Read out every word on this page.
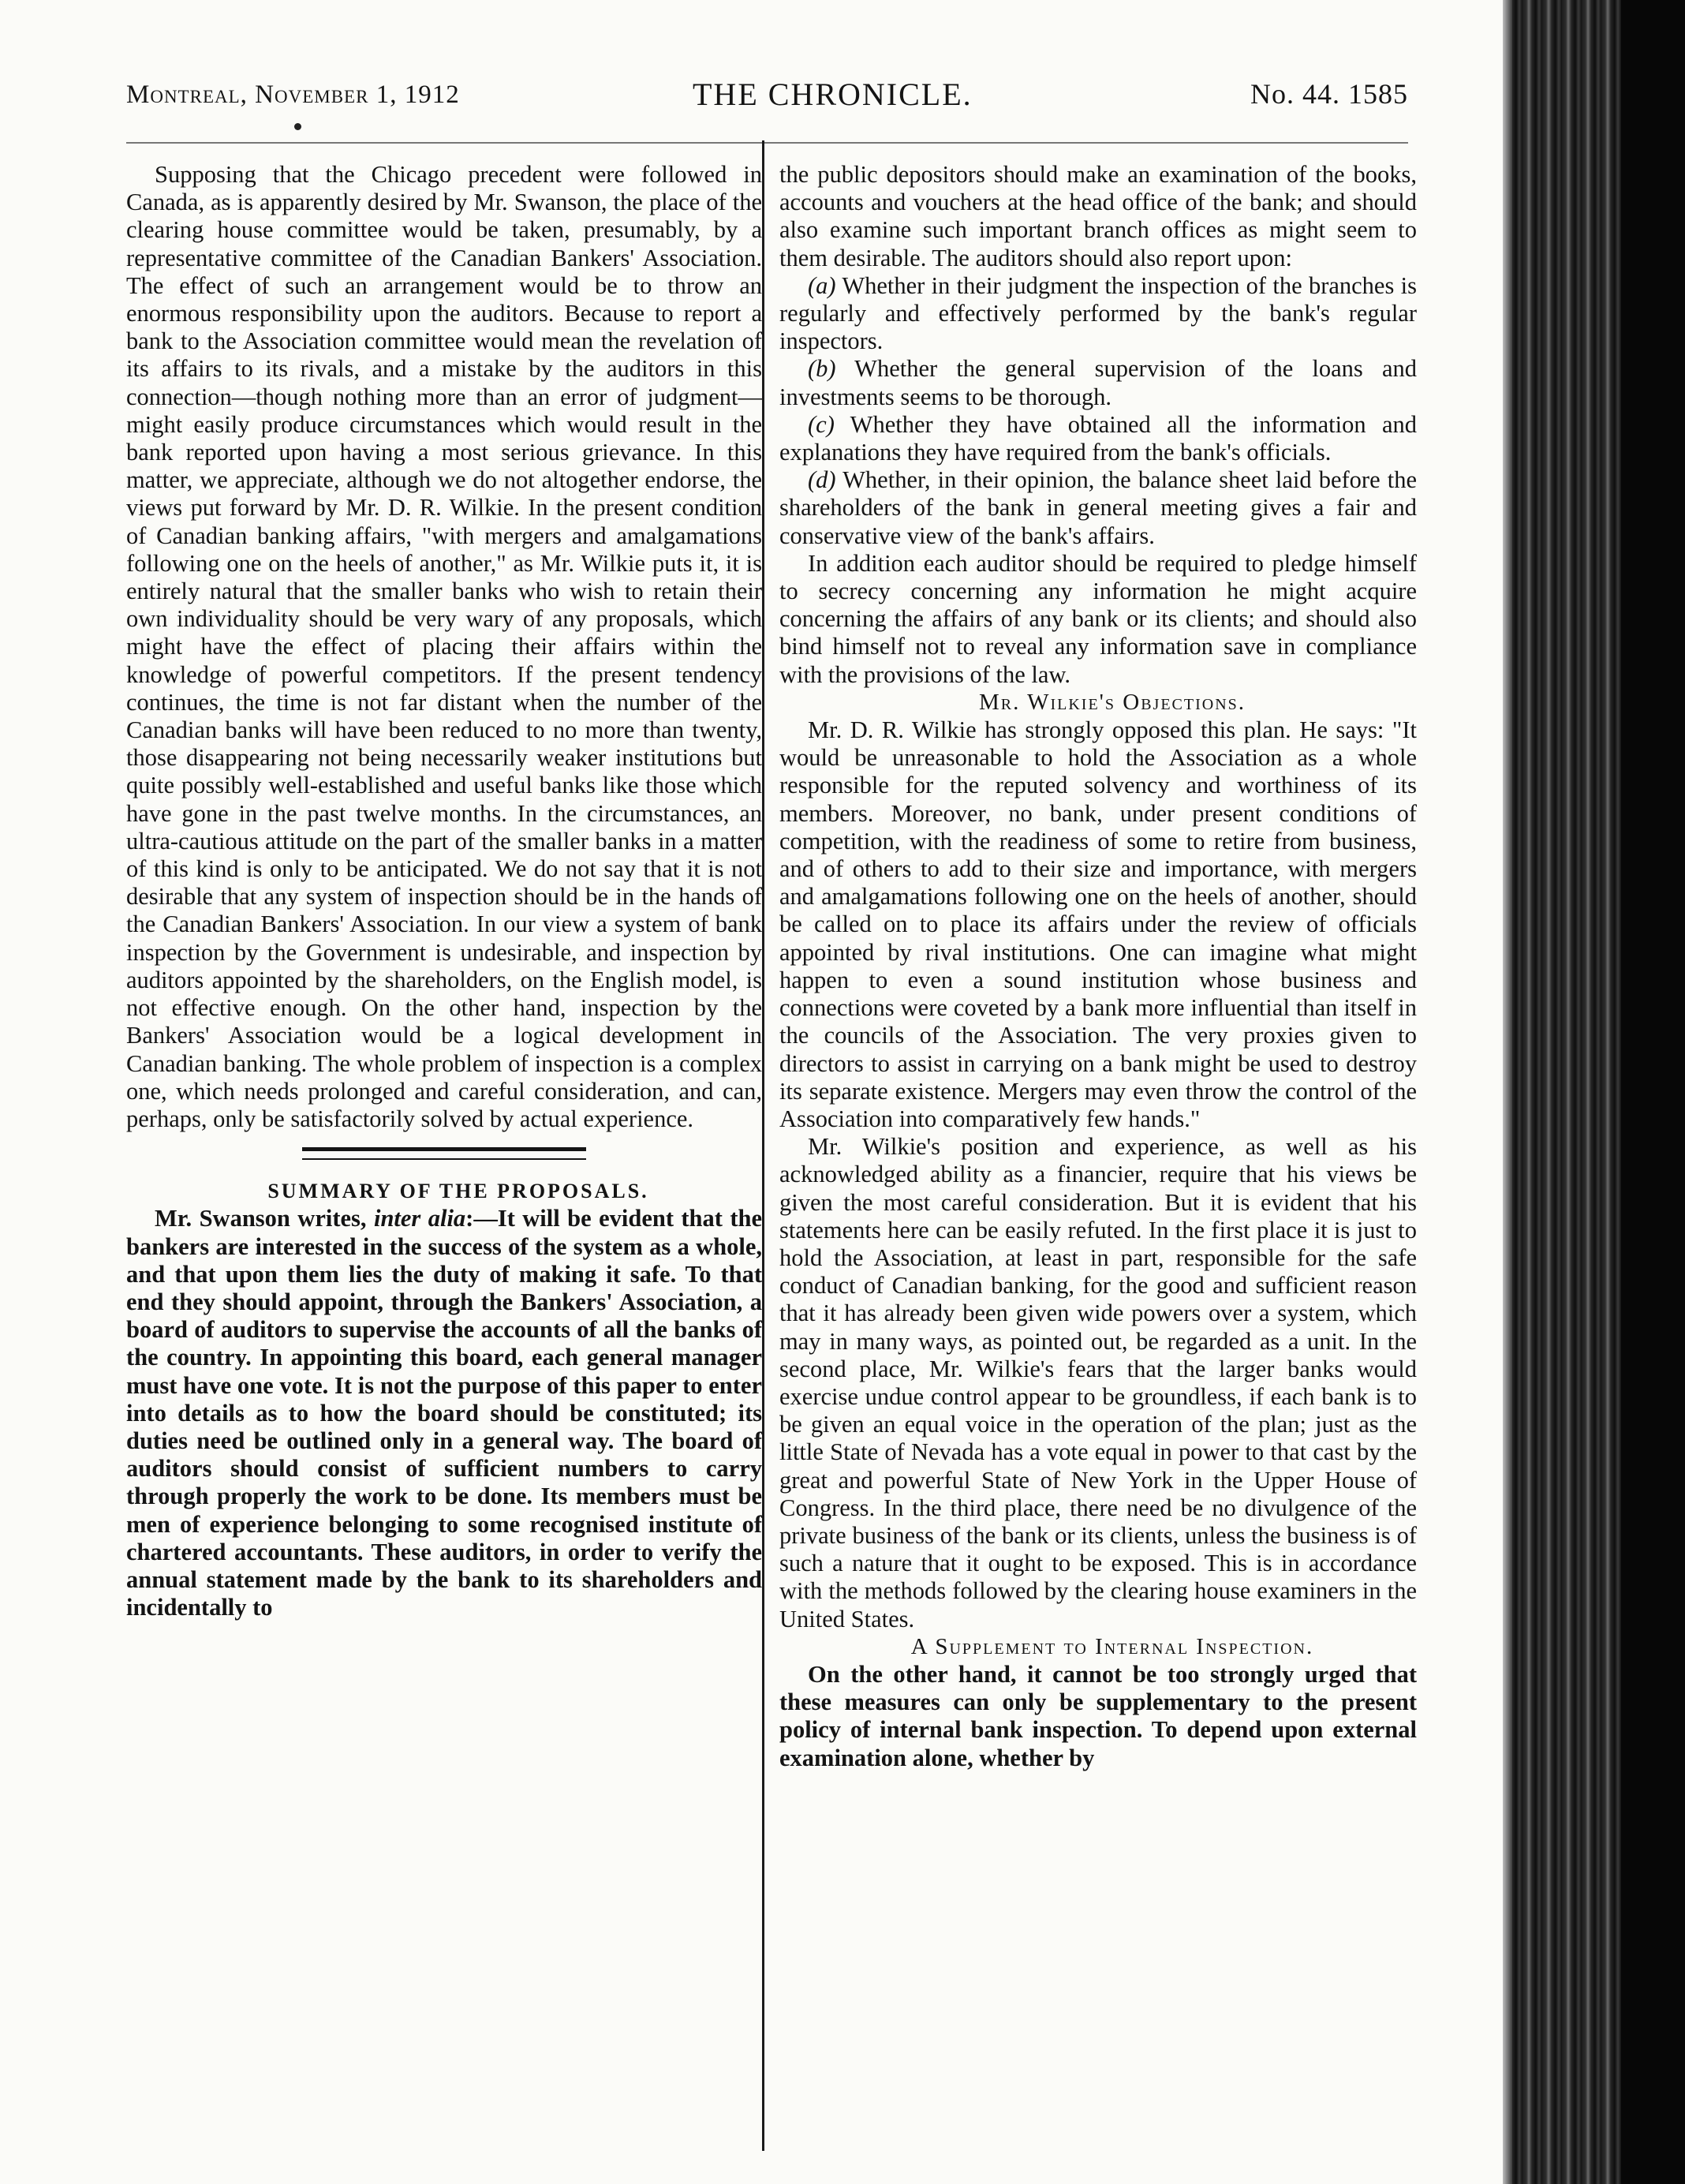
Montreal, November 1, 1912	THE CHRONICLE.	No. 44. 1585

Supposing that the Chicago precedent were followed in Canada, as is apparently desired by Mr. Swanson, the place of the clearing house committee would be taken, presumably, by a representative committee of the Canadian Bankers' Association. The effect of such an arrangement would be to throw an enormous responsibility upon the auditors. Because to report a bank to the Association committee would mean the revelation of its affairs to its rivals, and a mistake by the auditors in this connection—though nothing more than an error of judgment—might easily produce circumstances which would result in the bank reported upon having a most serious grievance. In this matter, we appreciate, although we do not altogether endorse, the views put forward by Mr. D. R. Wilkie. In the present condition of Canadian banking affairs, "with mergers and amalgamations following one on the heels of another," as Mr. Wilkie puts it, it is entirely natural that the smaller banks who wish to retain their own individuality should be very wary of any proposals, which might have the effect of placing their affairs within the knowledge of powerful competitors. If the present tendency continues, the time is not far distant when the number of the Canadian banks will have been reduced to no more than twenty, those disappearing not being necessarily weaker institutions but quite possibly well-established and useful banks like those which have gone in the past twelve months. In the circumstances, an ultra-cautious attitude on the part of the smaller banks in a matter of this kind is only to be anticipated. We do not say that it is not desirable that any system of inspection should be in the hands of the Canadian Bankers' Association. In our view a system of bank inspection by the Government is undesirable, and inspection by auditors appointed by the shareholders, on the English model, is not effective enough. On the other hand, inspection by the Bankers' Association would be a logical development in Canadian banking. The whole problem of inspection is a complex one, which needs prolonged and careful consideration, and can, perhaps, only be satisfactorily solved by actual experience.

SUMMARY OF THE PROPOSALS.

Mr. Swanson writes, inter alia:—It will be evident that the bankers are interested in the success of the system as a whole, and that upon them lies the duty of making it safe. To that end they should appoint, through the Bankers' Association, a board of auditors to supervise the accounts of all the banks of the country. In appointing this board, each general manager must have one vote. It is not the purpose of this paper to enter into details as to how the board should be constituted; its duties need be outlined only in a general way. The board of auditors should consist of sufficient numbers to carry through properly the work to be done. Its members must be men of experience belonging to some recognised institute of chartered accountants. These auditors, in order to verify the annual statement made by the bank to its shareholders and incidentally to

the public depositors should make an examination of the books, accounts and vouchers at the head office of the bank; and should also examine such important branch offices as might seem to them desirable. The auditors should also report upon:

(a) Whether in their judgment the inspection of the branches is regularly and effectively performed by the bank's regular inspectors.

(b) Whether the general supervision of the loans and investments seems to be thorough.

(c) Whether they have obtained all the information and explanations they have required from the bank's officials.

(d) Whether, in their opinion, the balance sheet laid before the shareholders of the bank in general meeting gives a fair and conservative view of the bank's affairs.

In addition each auditor should be required to pledge himself to secrecy concerning any information he might acquire concerning the affairs of any bank or its clients; and should also bind himself not to reveal any information save in compliance with the provisions of the law.

Mr. Wilkie's Objections.

Mr. D. R. Wilkie has strongly opposed this plan. He says: "It would be unreasonable to hold the Association as a whole responsible for the reputed solvency and worthiness of its members. Moreover, no bank, under present conditions of competition, with the readiness of some to retire from business, and of others to add to their size and importance, with mergers and amalgamations following one on the heels of another, should be called on to place its affairs under the review of officials appointed by rival institutions. One can imagine what might happen to even a sound institution whose business and connections were coveted by a bank more influential than itself in the councils of the Association. The very proxies given to directors to assist in carrying on a bank might be used to destroy its separate existence. Mergers may even throw the control of the Association into comparatively few hands."

Mr. Wilkie's position and experience, as well as his acknowledged ability as a financier, require that his views be given the most careful consideration. But it is evident that his statements here can be easily refuted. In the first place it is just to hold the Association, at least in part, responsible for the safe conduct of Canadian banking, for the good and sufficient reason that it has already been given wide powers over a system, which may in many ways, as pointed out, be regarded as a unit. In the second place, Mr. Wilkie's fears that the larger banks would exercise undue control appear to be groundless, if each bank is to be given an equal voice in the operation of the plan; just as the little State of Nevada has a vote equal in power to that cast by the great and powerful State of New York in the Upper House of Congress. In the third place, there need be no divulgence of the private business of the bank or its clients, unless the business is of such a nature that it ought to be exposed. This is in accordance with the methods followed by the clearing house examiners in the United States.

A Supplement to Internal Inspection.

On the other hand, it cannot be too strongly urged that these measures can only be supplementary to the present policy of internal bank inspection. To depend upon external examination alone, whether by
